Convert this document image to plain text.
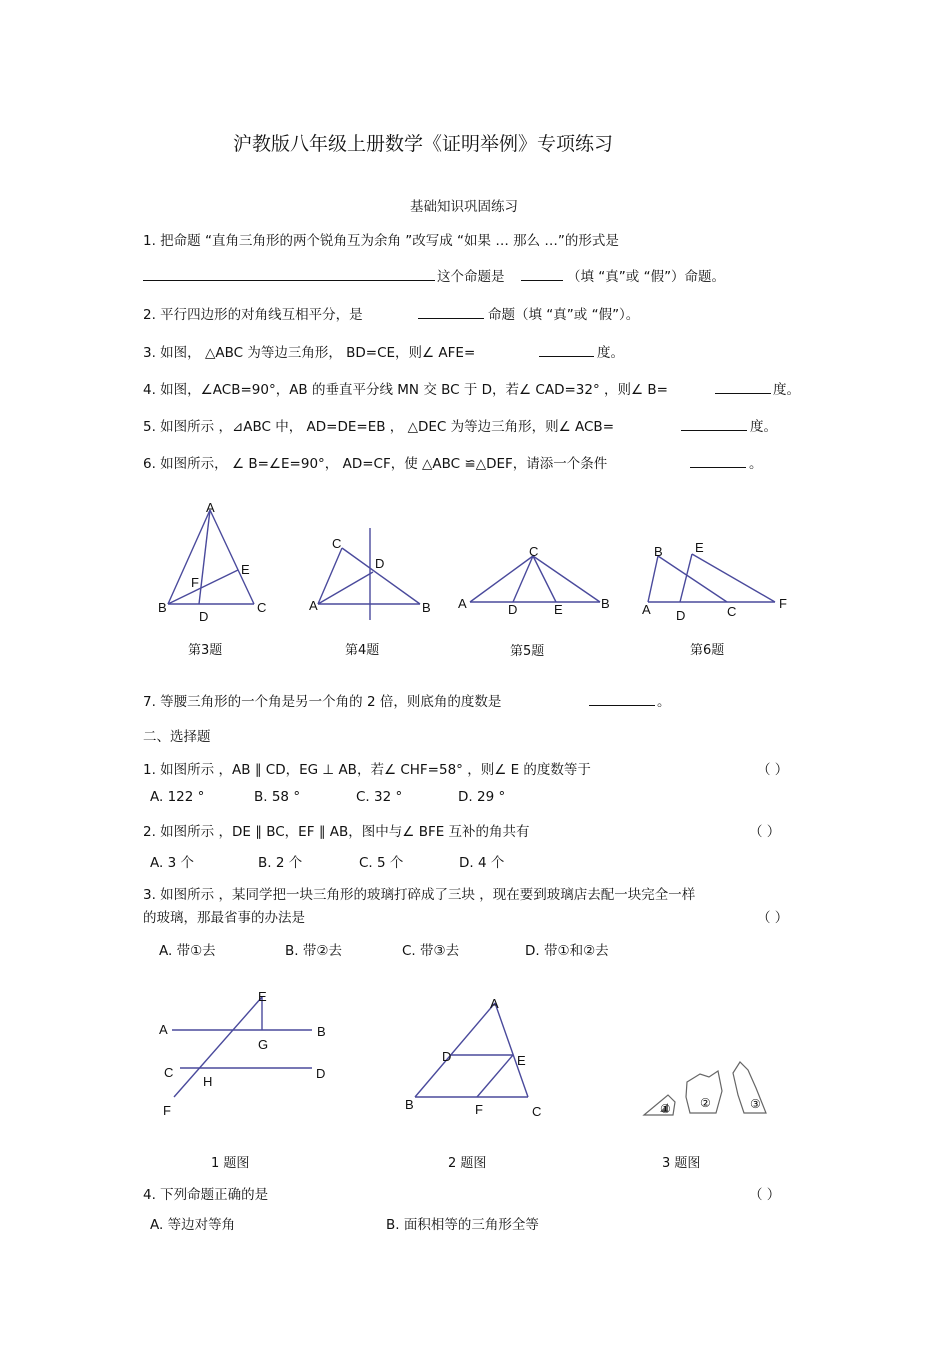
沪教版八年级上册数学《证明举例》专项练习
基础知识巩固练习
1. 把命题 “直角三角形的两个锐角互为余角 ”改写成 “如果 … 那么 …”的形式是
这个命题是	（填 “真”或 “假”）命题。
2. 平行四边形的对角线互相平分，是	命题（填 “真”或 “假”）。
3. 如图， △ABC 为等边三角形， BD=CE，则∠ AFE=	度。
4. 如图，∠ACB=90°，AB 的垂直平分线 MN 交 BC 于 D，若∠ CAD=32° ，则∠ B=	度。
5. 如图所示 ，⊿ABC 中， AD=DE=EB ， △DEC 为等边三角形，则∠ ACB=	度。
6. 如图所示， ∠ B=∠E=90°， AD=CF，使 △ABC ≌△DEF，请添一个条件	。
A
B	C
D
E
F
C
D
A	B
C
A	D	E	B
B E
A D	C
F
第3题	第4题	第5题	第6题
7. 等腰三角形的一个角是另一个角的 2 倍，则底角的度数是	。
二、选择题
1. 如图所示 ，AB ∥ CD，EG ⊥ AB，若∠ CHF=58° ，则∠ E 的度数等于	（ ）
A. 122 °	B. 58 °	C. 32 °	D. 29 °
2. 如图所示 ，DE ∥ BC，EF ∥ AB，图中与∠ BFE 互补的角共有	（ ）
A. 3 个	B. 2 个	C. 5 个	D. 4 个
3. 如图所示 ，某同学把一块三角形的玻璃打碎成了三块 ，现在要到玻璃店去配一块完全一样
的玻璃，那最省事的办法是	（ ）
A. 带①去	B. 带②去	C. 带③去	D. 带①和②去
E
A	B
G
C	D
H
F
A
D	E
B	F	C	① ②	③
1 题图	2 题图	3 题图
4. 下列命题正确的是	（ ）
A. 等边对等角	B. 面积相等的三角形全等
